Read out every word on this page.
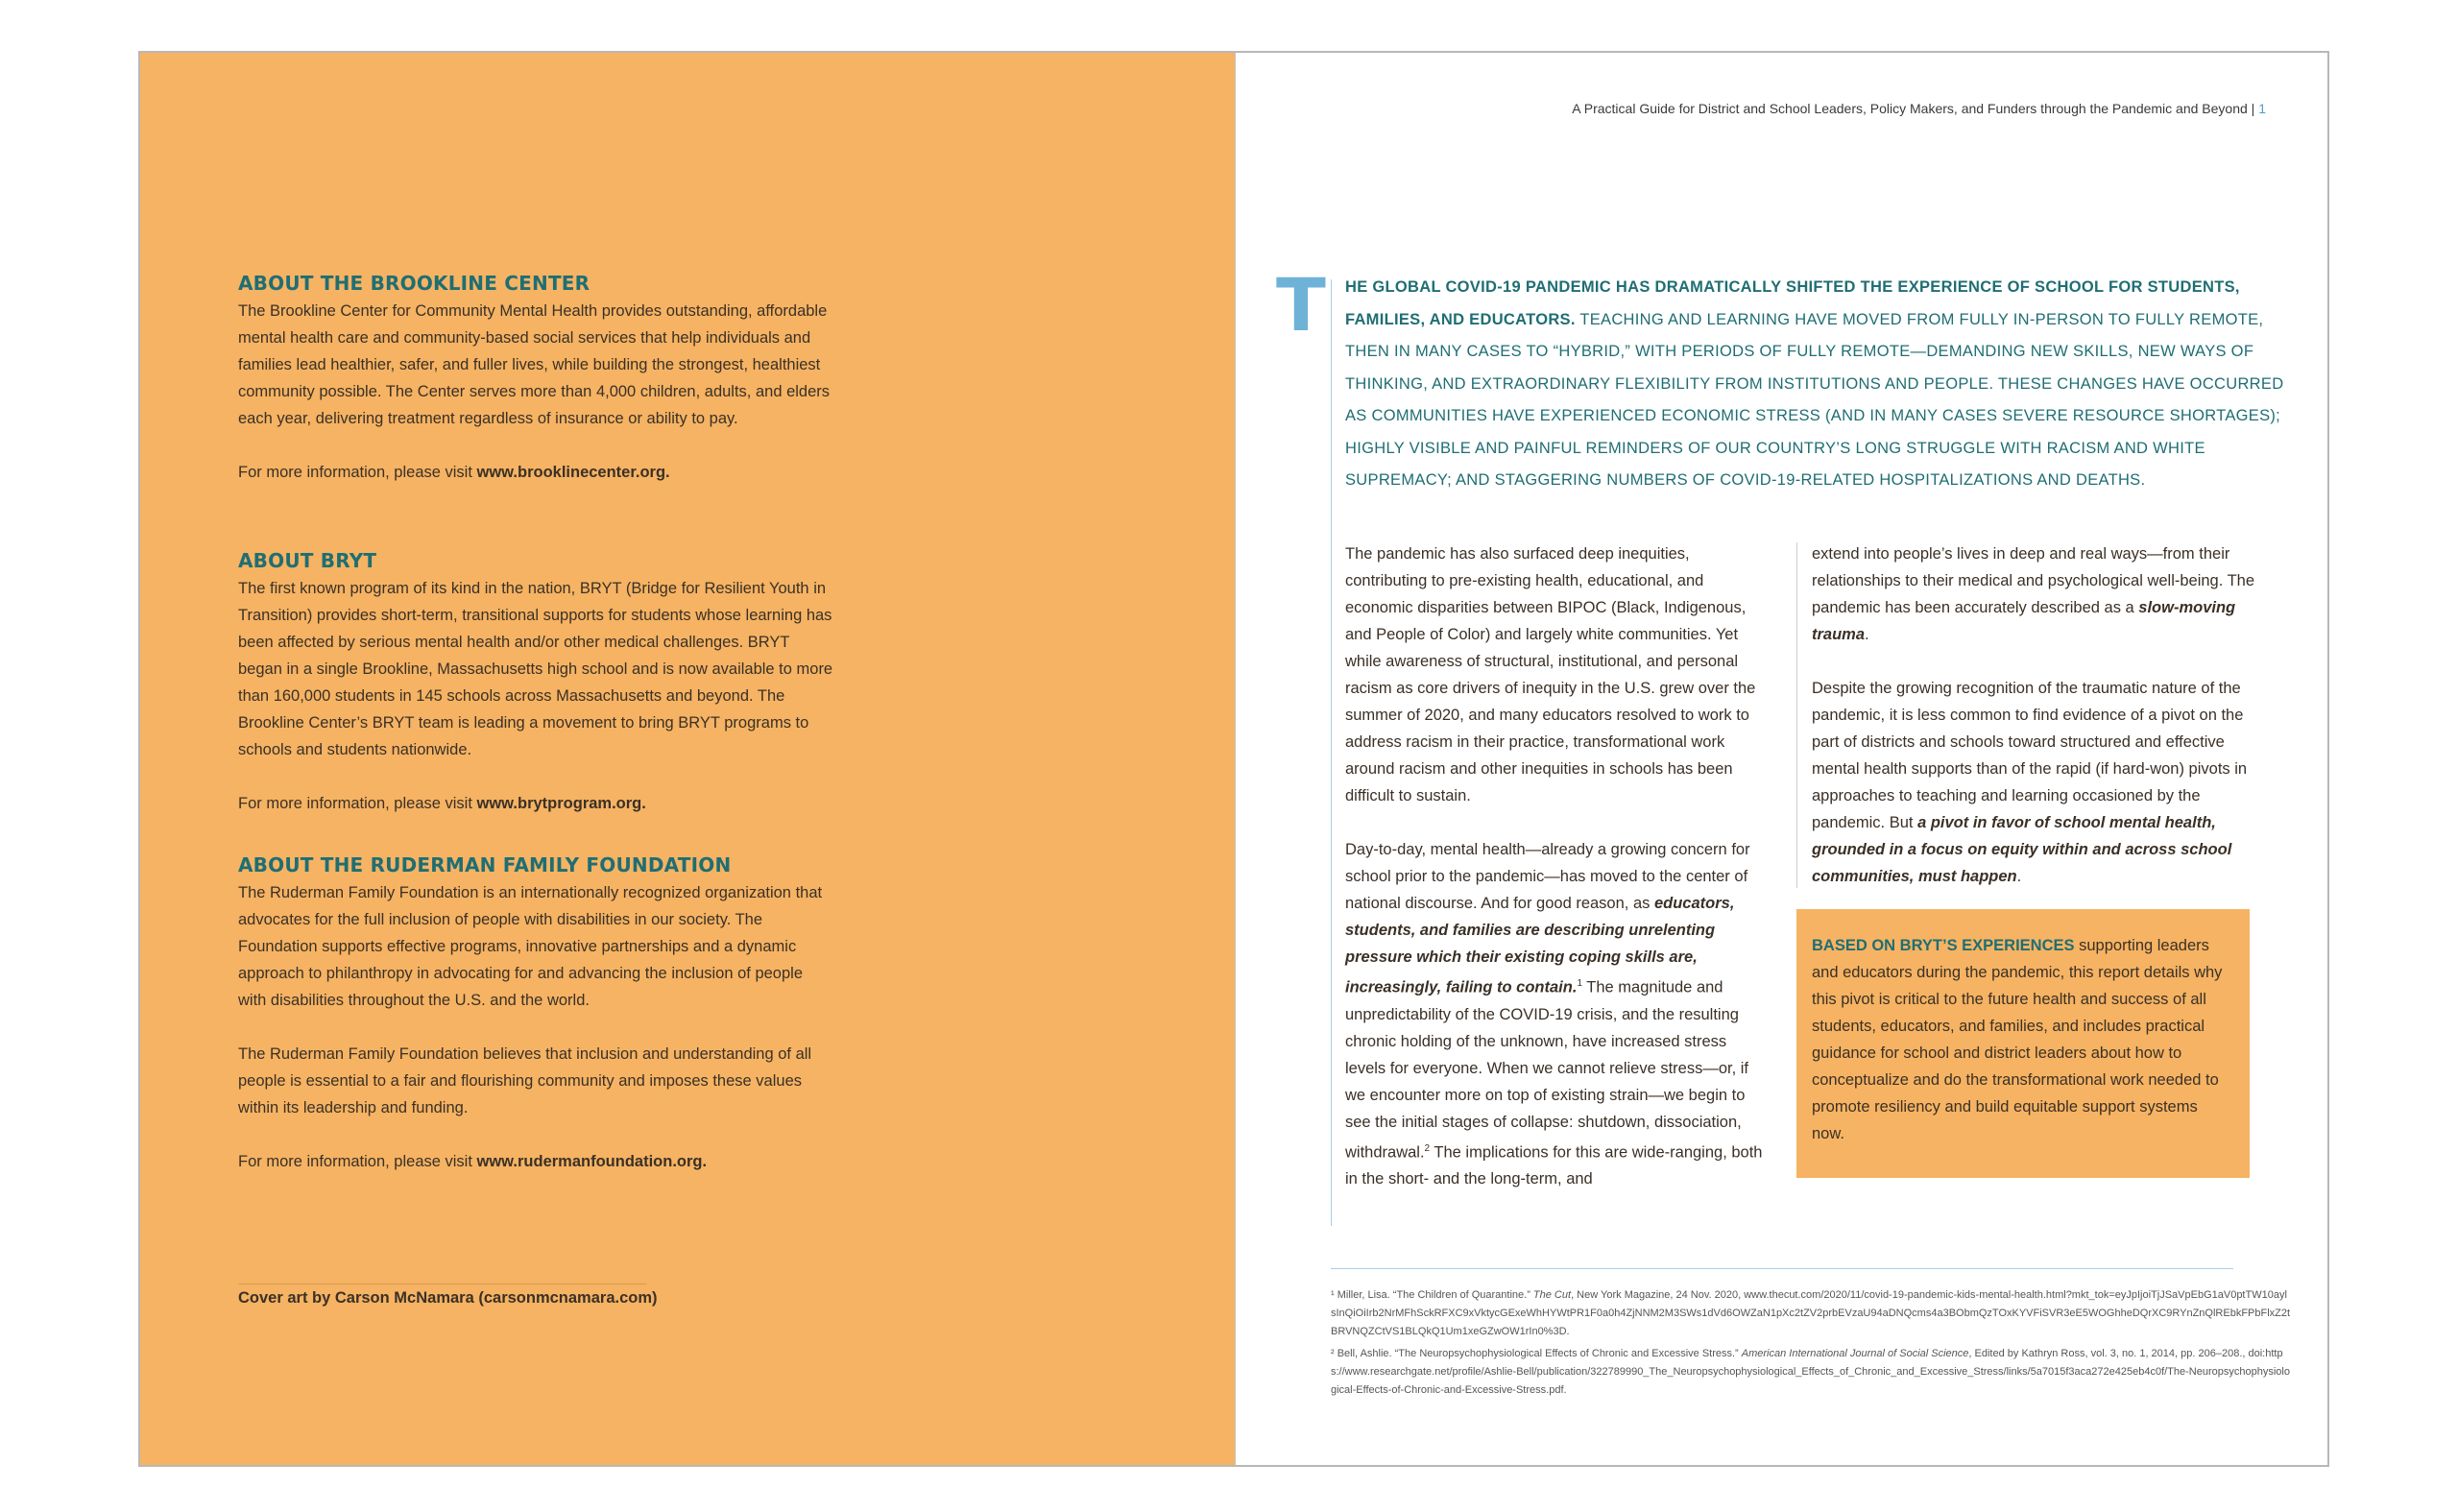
ABOUT THE BROOKLINE CENTER

The Brookline Center for Community Mental Health provides outstanding, affordable mental health care and community-based social services that help individuals and families lead healthier, safer, and fuller lives, while building the strongest, healthiest community possible. The Center serves more than 4,000 children, adults, and elders each year, delivering treatment regardless of insurance or ability to pay.

For more information, please visit www.brooklinecenter.org.

ABOUT BRYT

The first known program of its kind in the nation, BRYT (Bridge for Resilient Youth in Transition) provides short-term, transitional supports for students whose learning has been affected by serious mental health and/or other medical challenges. BRYT began in a single Brookline, Massachusetts high school and is now available to more than 160,000 students in 145 schools across Massachusetts and beyond. The Brookline Center’s BRYT team is leading a movement to bring BRYT programs to schools and students nationwide.

For more information, please visit www.brytprogram.org.

ABOUT THE RUDERMAN FAMILY FOUNDATION

The Ruderman Family Foundation is an internationally recognized organization that advocates for the full inclusion of people with disabilities in our society. The Foundation supports effective programs, innovative partnerships and a dynamic approach to philanthropy in advocating for and advancing the inclusion of people with disabilities throughout the U.S. and the world.

The Ruderman Family Foundation believes that inclusion and understanding of all people is essential to a fair and flourishing community and imposes these values within its leadership and funding.

For more information, please visit www.rudermanfoundation.org.

Cover art by Carson McNamara (carsonmcnamara.com)
A Practical Guide for District and School Leaders, Policy Makers, and Funders through the Pandemic and Beyond | 1
T HE GLOBAL COVID-19 PANDEMIC HAS DRAMATICALLY SHIFTED THE EXPERIENCE OF SCHOOL FOR STUDENTS, FAMILIES, AND EDUCATORS. TEACHING AND LEARNING HAVE MOVED FROM FULLY IN-PERSON TO FULLY REMOTE, THEN IN MANY CASES TO “HYBRID,” WITH PERIODS OF FULLY REMOTE—DEMANDING NEW SKILLS, NEW WAYS OF THINKING, AND EXTRAORDINARY FLEXIBILITY FROM INSTITUTIONS AND PEOPLE. THESE CHANGES HAVE OCCURRED AS COMMUNITIES HAVE EXPERIENCED ECONOMIC STRESS (AND IN MANY CASES SEVERE RESOURCE SHORTAGES); HIGHLY VISIBLE AND PAINFUL REMINDERS OF OUR COUNTRY’S LONG STRUGGLE WITH RACISM AND WHITE SUPREMACY; AND STAGGERING NUMBERS OF COVID-19-RELATED HOSPITALIZATIONS AND DEATHS.

The pandemic has also surfaced deep inequities, contributing to pre-existing health, educational, and economic disparities between BIPOC (Black, Indigenous, and People of Color) and largely white communities. Yet while awareness of structural, institutional, and personal racism as core drivers of inequity in the U.S. grew over the summer of 2020, and many educators resolved to work to address racism in their practice, transformational work around racism and other inequities in schools has been difficult to sustain.

Day-to-day, mental health—already a growing concern for school prior to the pandemic—has moved to the center of national discourse. And for good reason, as educators, students, and families are describing unrelenting pressure which their existing coping skills are, increasingly, failing to contain.$^1$ The magnitude and unpredictability of the COVID-19 crisis, and the resulting chronic holding of the unknown, have increased stress levels for everyone. When we cannot relieve stress—or, if we encounter more on top of existing strain—we begin to see the initial stages of collapse: shutdown, dissociation, withdrawal.$^2$ The implications for this are wide-ranging, both in the short- and the long-term, and

extend into people’s lives in deep and real ways—from their relationships to their medical and psychological well-being. The pandemic has been accurately described as a slow-moving trauma.

Despite the growing recognition of the traumatic nature of the pandemic, it is less common to find evidence of a pivot on the part of districts and schools toward structured and effective mental health supports than of the rapid (if hard-won) pivots in approaches to teaching and learning occasioned by the pandemic. But a pivot in favor of school mental health, grounded in a focus on equity within and across school communities, must happen.

BASED ON BRYT’S EXPERIENCES supporting leaders and educators during the pandemic, this report details why this pivot is critical to the future health and success of all students, educators, and families, and includes practical guidance for school and district leaders about how to conceptualize and do the transformational work needed to promote resiliency and build equitable support systems now.

¹ Miller, Lisa. “The Children of Quarantine.” The Cut, New York Magazine, 24 Nov. 2020, www.thecut.com/2020/11/covid-19-pandemic-kids-mental-health.html?mkt_tok=eyJpIjoiTjJSaVpEbG1aV0ptTW10aylsInQiOiIrb2NrMFhSckRFXC9xVktycGExeWhHYWtPR1F0a0h4ZjNNM2M3SWs1dVd6OWZaN1pXc2tZV2prbEVzaU94aDNQcms4a3BObmQzTOxKYVFiSVR3eE5WOGhheDQrXC9RYnZnQlREbkFPbFlxZ2tBRVNQZCtVS1BLQkQ1Um1xeGZwOW1rIn0%3D.

² Bell, Ashlie. “The Neuropsychophysiological Effects of Chronic and Excessive Stress.” American International Journal of Social Science, Edited by Kathryn Ross, vol. 3, no. 1, 2014, pp. 206–208., doi:https://www.researchgate.net/profile/Ashlie-Bell/publication/322789990_The_Neuropsychophysiological_Effects_of_Chronic_and_Excessive_Stress/links/5a7015f3aca272e425eb4c0f/The-Neuropsychophysiological-Effects-of-Chronic-and-Excessive-Stress.pdf.
